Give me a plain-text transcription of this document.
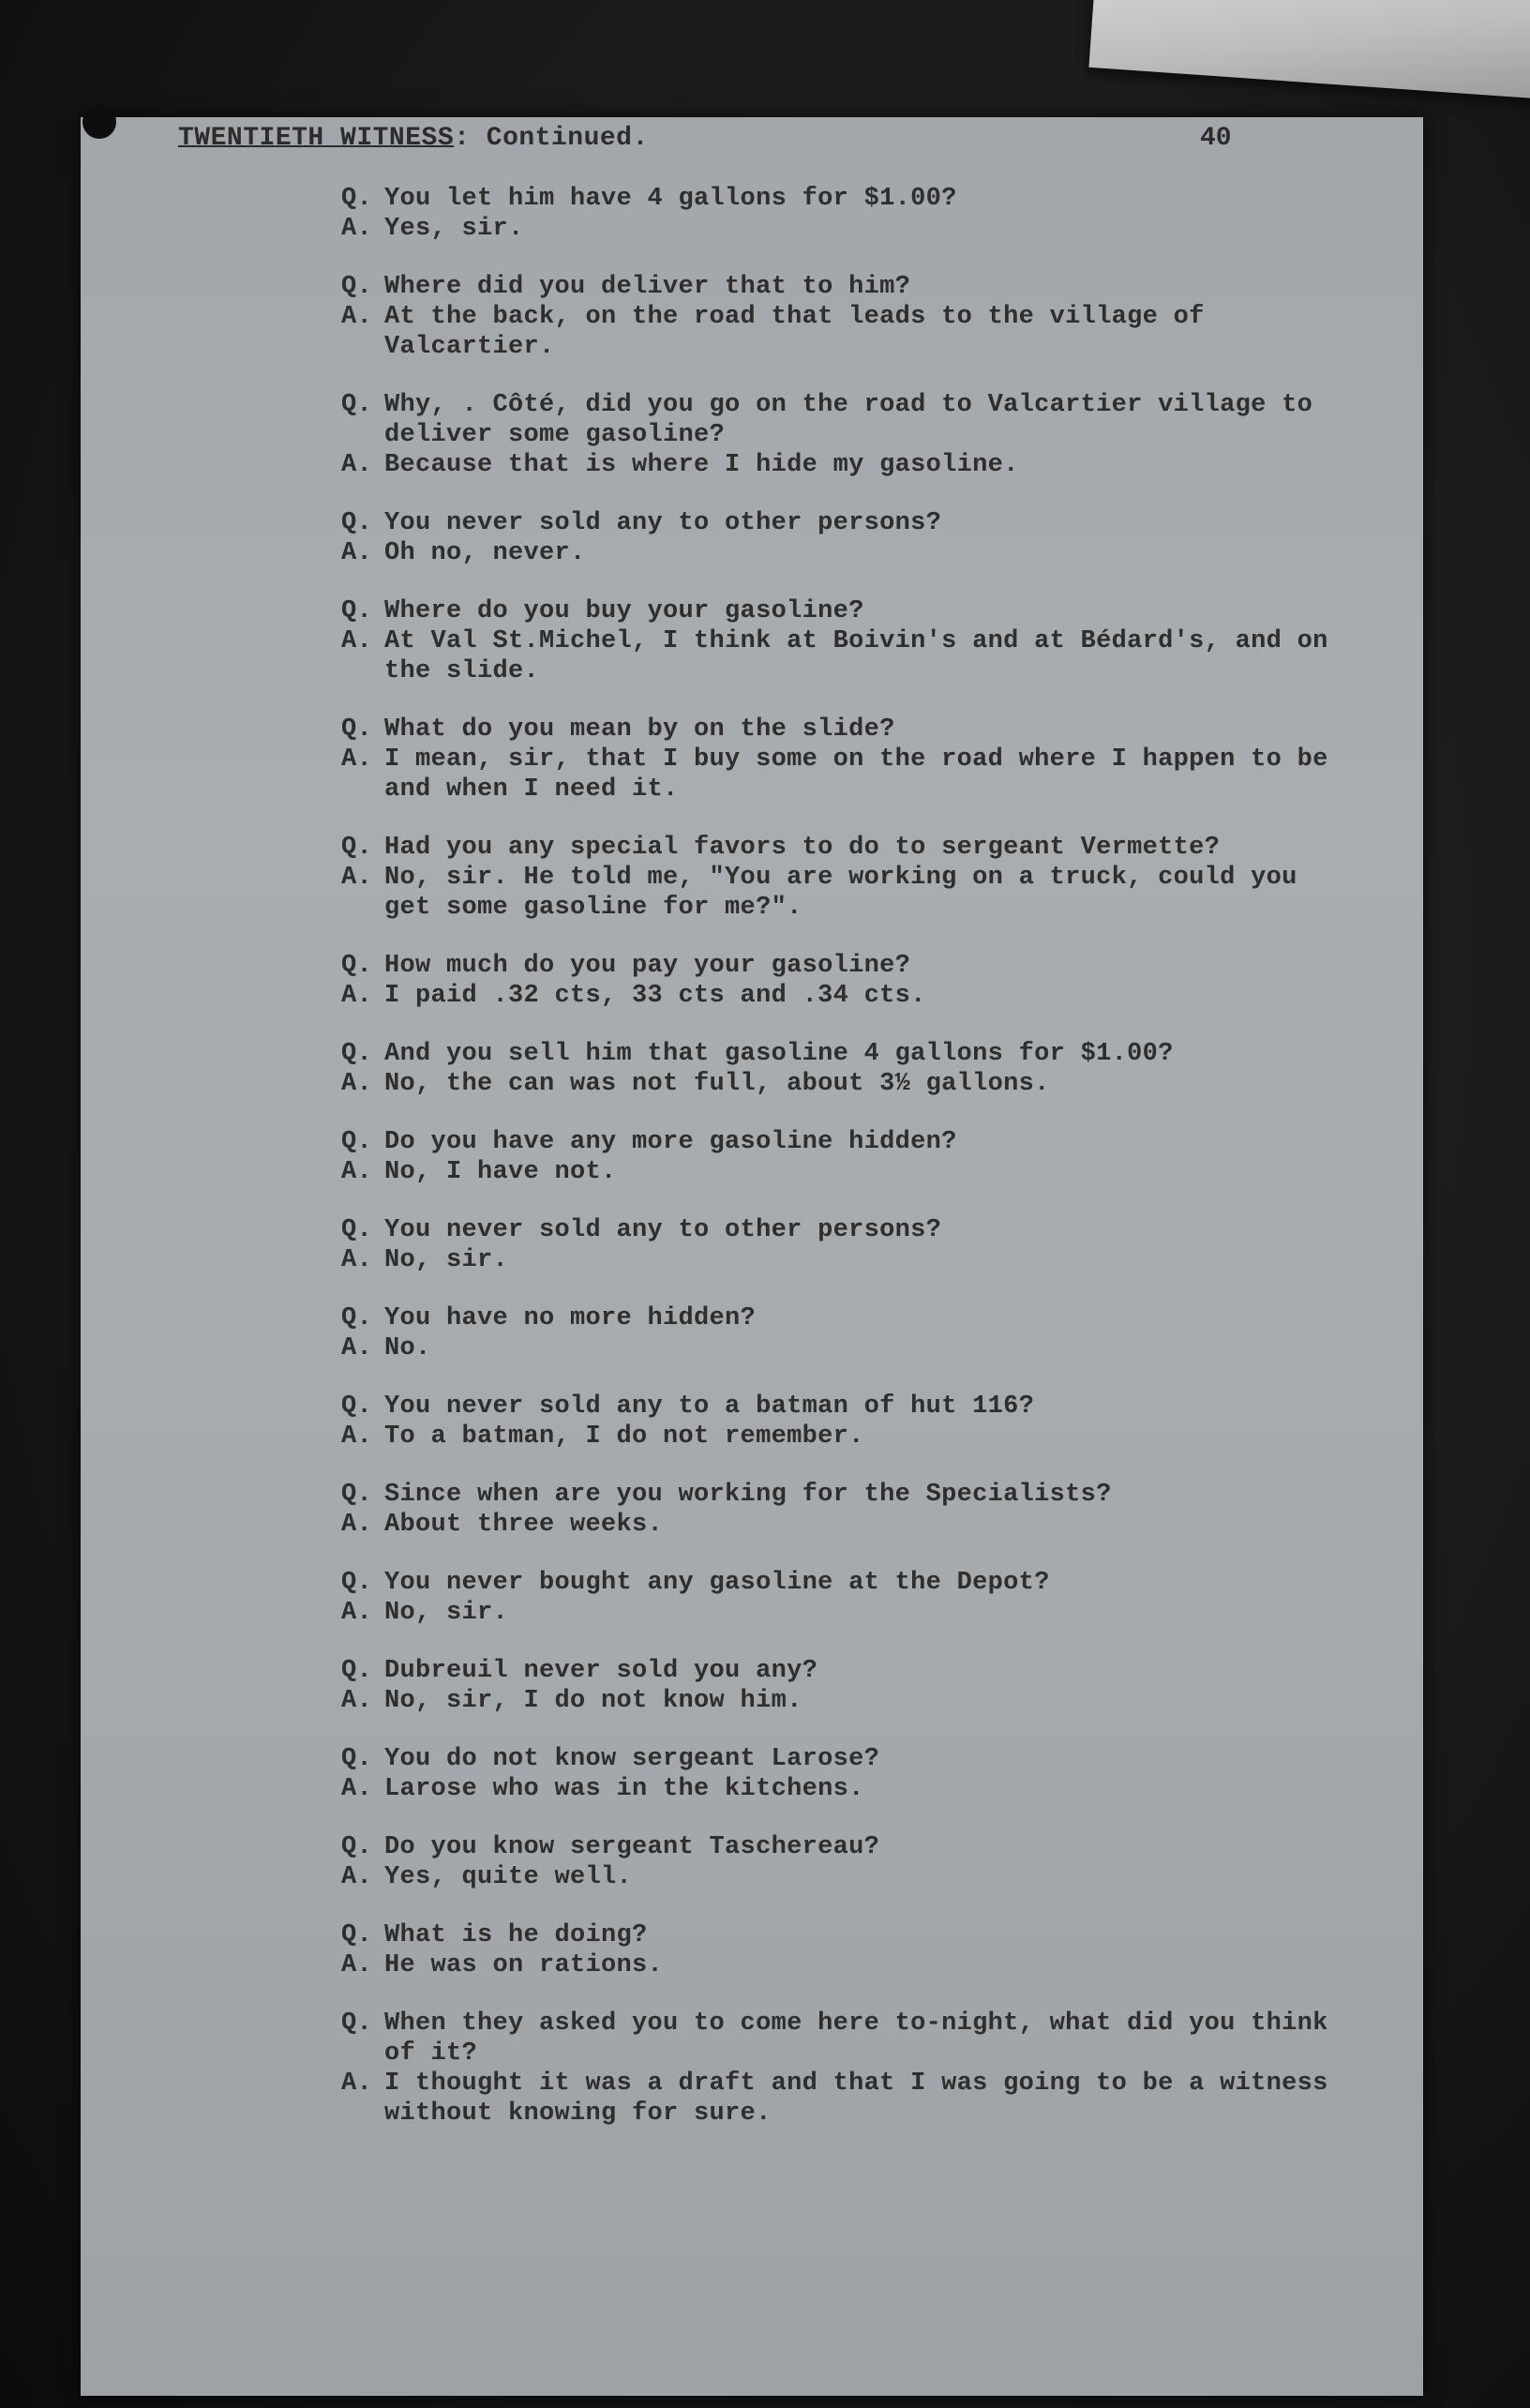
TWENTIETH WITNESS: Continued.	40
Q. You let him have 4 gallons for $1.00?
A. Yes, sir.
Q. Where did you deliver that to him?
A. At the back, on the road that leads to the village of Valcartier.
Q. Why, . Côté, did you go on the road to Valcartier village to deliver some gasoline?
A. Because that is where I hide my gasoline.
Q. You never sold any to other persons?
A. Oh no, never.
Q. Where do you buy your gasoline?
A. At Val St.Michel, I think at Boivin's and at Bédard's, and on the slide.
Q. What do you mean by on the slide?
A. I mean, sir, that I buy some on the road where I happen to be and when I need it.
Q. Had you any special favors to do to sergeant Vermette?
A. No, sir. He told me, "You are working on a truck, could you get some gasoline for me?".
Q. How much do you pay your gasoline?
A. I paid .32 cts, 33 cts and .34 cts.
Q. And you sell him that gasoline 4 gallons for $1.00?
A. No, the can was not full, about 3½ gallons.
Q. Do you have any more gasoline hidden?
A. No, I have not.
Q. You never sold any to other persons?
A. No, sir.
Q. You have no more hidden?
A. No.
Q. You never sold any to a batman of hut 116?
A. To a batman, I do not remember.
Q. Since when are you working for the Specialists?
A. About three weeks.
Q. You never bought any gasoline at the Depot?
A. No, sir.
Q. Dubreuil never sold you any?
A. No, sir, I do not know him.
Q. You do not know sergeant Larose?
A. Larose who was in the kitchens.
Q. Do you know sergeant Taschereau?
A. Yes, quite well.
Q. What is he doing?
A. He was on rations.
Q. When they asked you to come here to-night, what did you think of it?
A. I thought it was a draft and that I was going to be a witness without knowing for sure.
